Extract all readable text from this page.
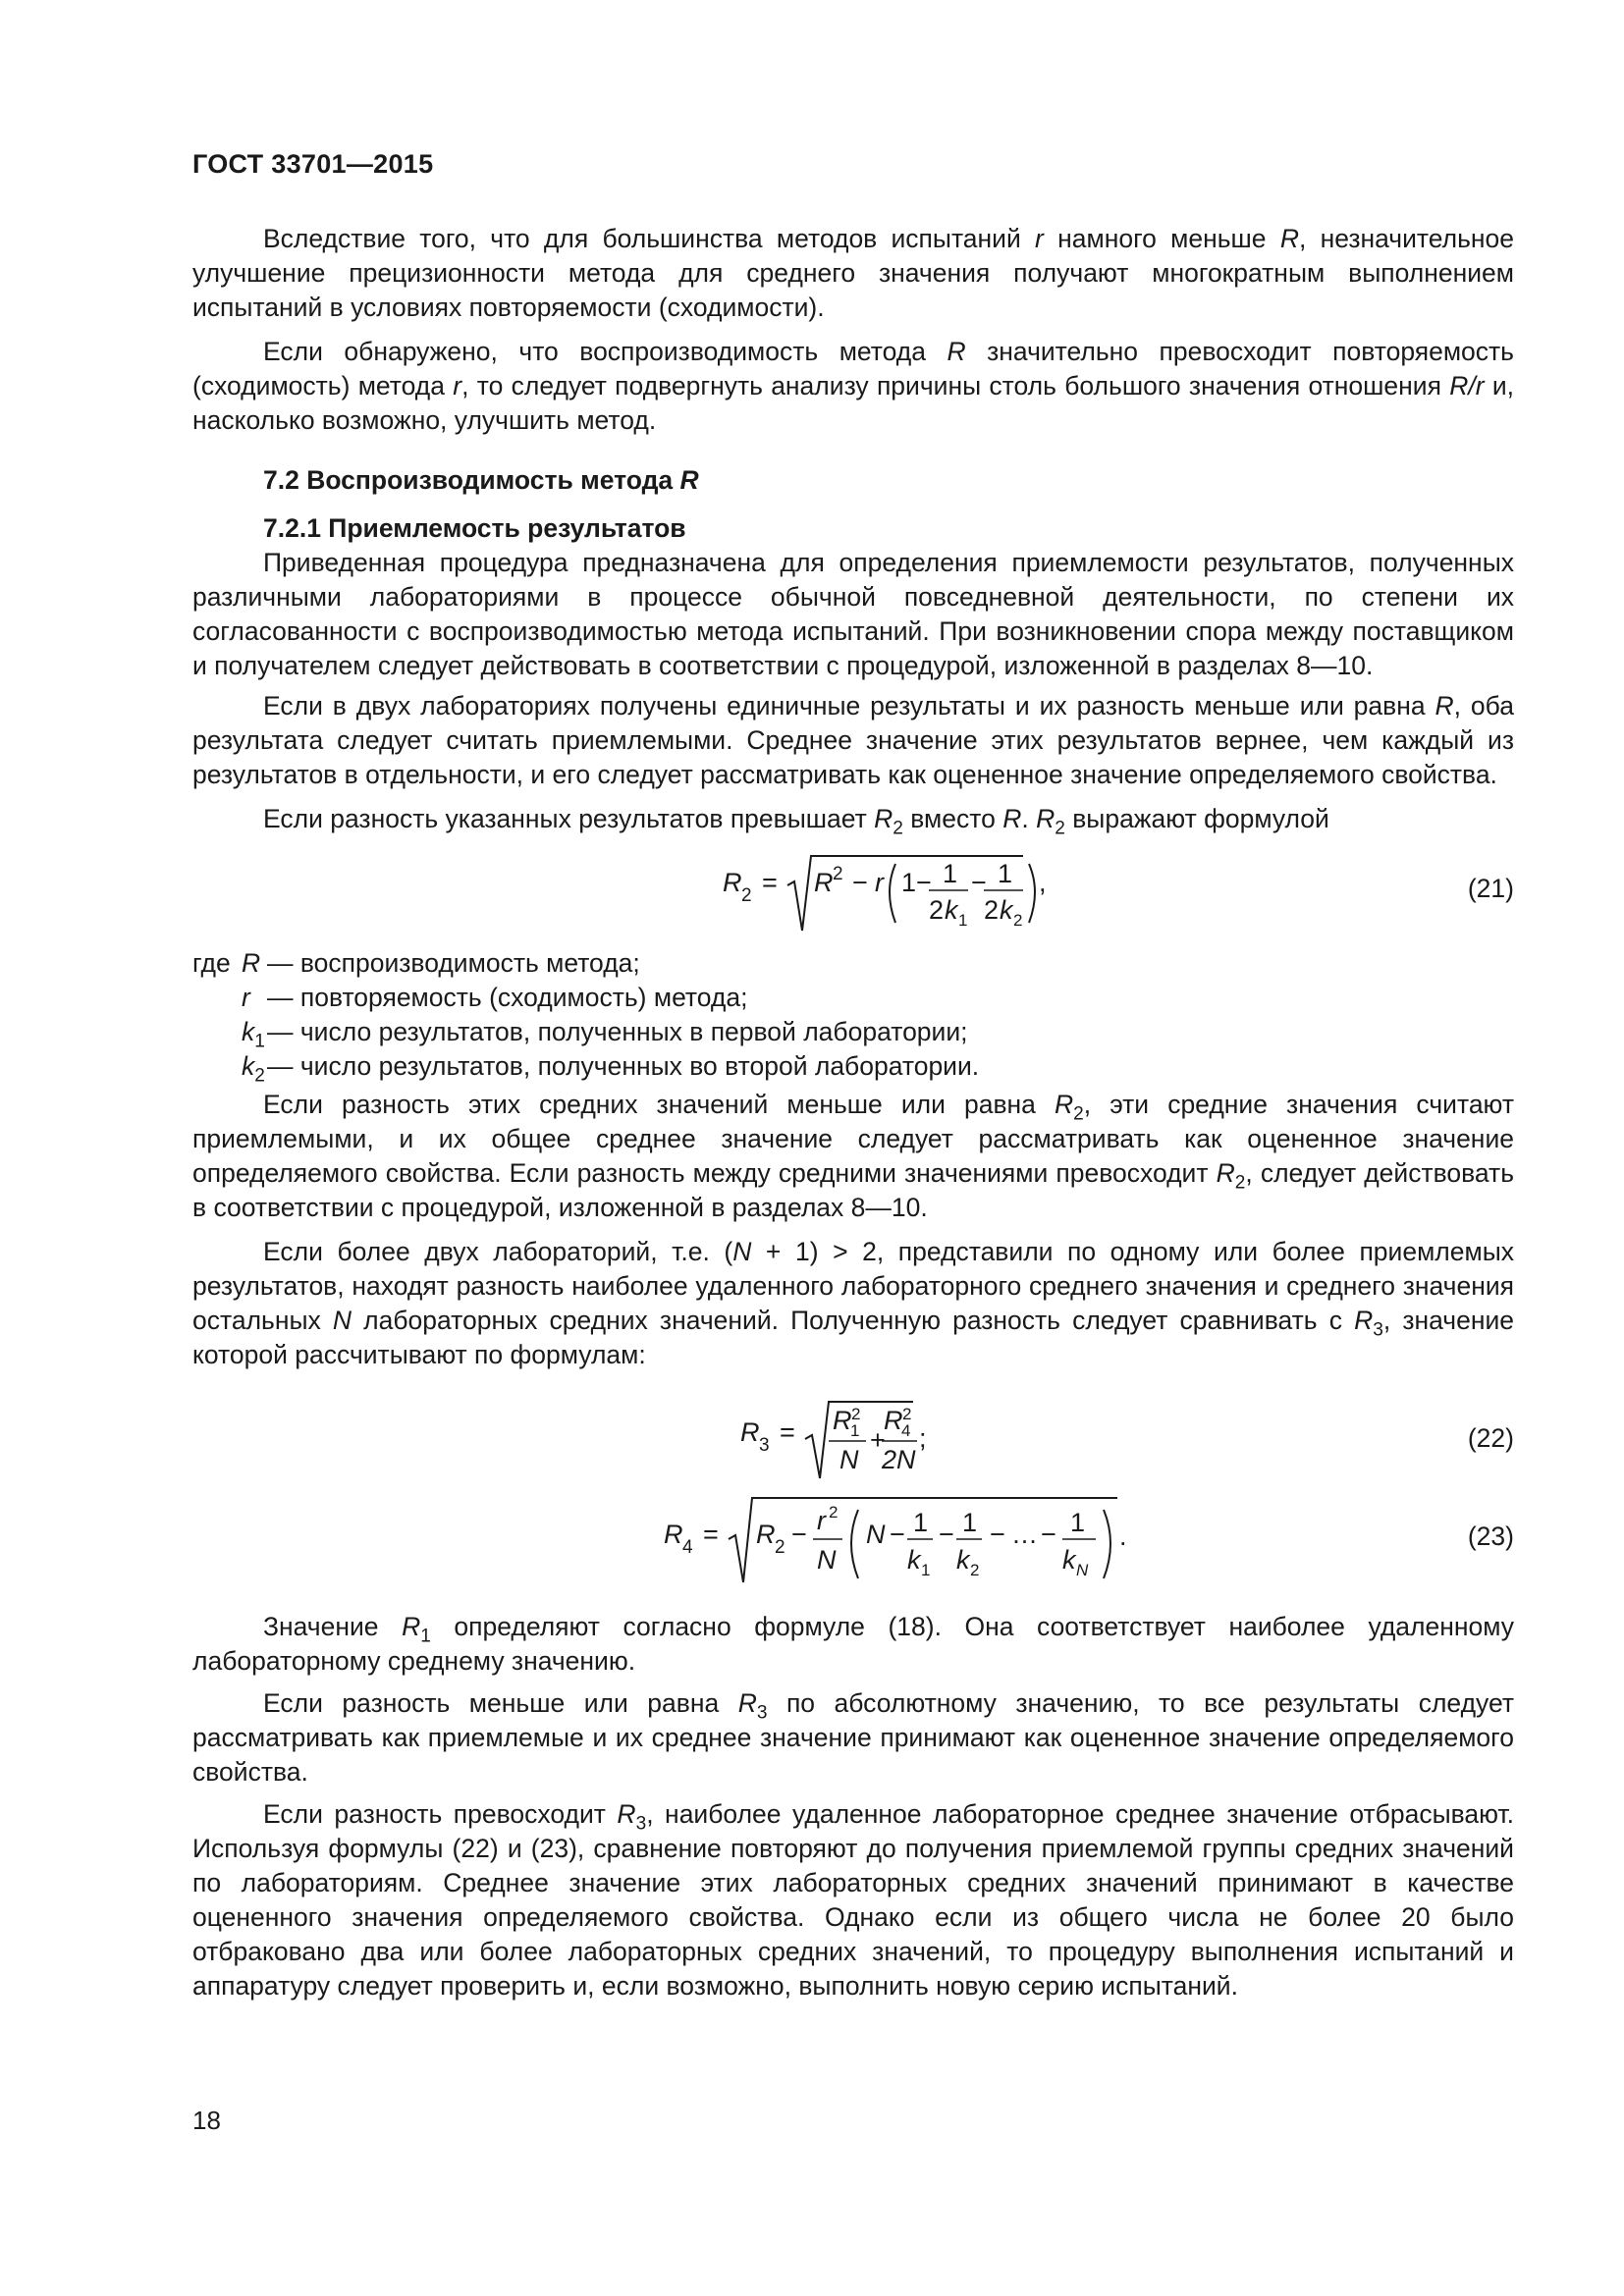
ГОСТ 33701—2015

Вследствие того, что для большинства методов испытаний r намного меньше R, незначительное улучшение прецизионности метода для среднего значения получают многократным выполнением испытаний в условиях повторяемости (сходимости).

Если обнаружено, что воспроизводимость метода R значительно превосходит повторяемость (сходимость) метода r, то следует подвергнуть анализу причины столь большого значения отношения R/r и, насколько возможно, улучшить метод.

7.2 Воспроизводимость метода R
7.2.1 Приемлемость результатов

Приведенная процедура предназначена для определения приемлемости результатов, полученных различными лабораториями в процессе обычной повседневной деятельности, по степени их согласованности с воспроизводимостью метода испытаний. При возникновении спора между поставщиком и получателем следует действовать в соответствии с процедурой, изложенной в разделах 8—10.

Если в двух лабораториях получены единичные результаты и их разность меньше или равна R, оба результата следует считать приемлемыми. Среднее значение этих результатов вернее, чем каждый из результатов в отдельности, и его следует рассматривать как оцененное значение определяемого свойства.

Если разность указанных результатов превышает $R_2$ вместо R. $R_2$ выражают формулой

R 2 = R 2 − r 1 − 1
2 k 1
− 1
2 k 2
,	(21)
где R — воспроизводимость метода;
r — повторяемость (сходимость) метода;
$k_1$ — число результатов, полученных в первой лаборатории;
$k_2$ — число результатов, полученных во второй лаборатории.

Если разность этих средних значений меньше или равна $R_2$, эти средние значения считают приемлемыми, и их общее среднее значение следует рассматривать как оцененное значение определяемого свойства. Если разность между средними значениями превосходит $R_2$, следует действовать в соответствии с процедурой, изложенной в разделах 8—10.

Если более двух лабораторий, т.е. (N + 1) > 2, представили по одному или более приемлемых результатов, находят разность наиболее удаленного лабораторного среднего значения и среднего значения остальных N лабораторных средних значений. Полученную разность следует сравнивать с $R_3$, значение которой рассчитывают по формулам:

R 3 = R 2
1
N
+
R 2
4
2N
;	(22)
R 4 = R 2 − r 2
N
N − 1
k 1
− 1
k 2
− … − 1
k N
.	(23)

Значение $R_1$ определяют согласно формуле (18). Она соответствует наиболее удаленному лабораторному среднему значению.

Если разность меньше или равна $R_3$ по абсолютному значению, то все результаты следует рассматривать как приемлемые и их среднее значение принимают как оцененное значение определяемого свойства.

Если разность превосходит $R_3$, наиболее удаленное лабораторное среднее значение отбрасывают. Используя формулы (22) и (23), сравнение повторяют до получения приемлемой группы средних значений по лабораториям. Среднее значение этих лабораторных средних значений принимают в качестве оцененного значения определяемого свойства. Однако если из общего числа не более 20 было отбраковано два или более лабораторных средних значений, то процедуру выполнения испытаний и аппаратуру следует проверить и, если возможно, выполнить новую серию испытаний.

18
